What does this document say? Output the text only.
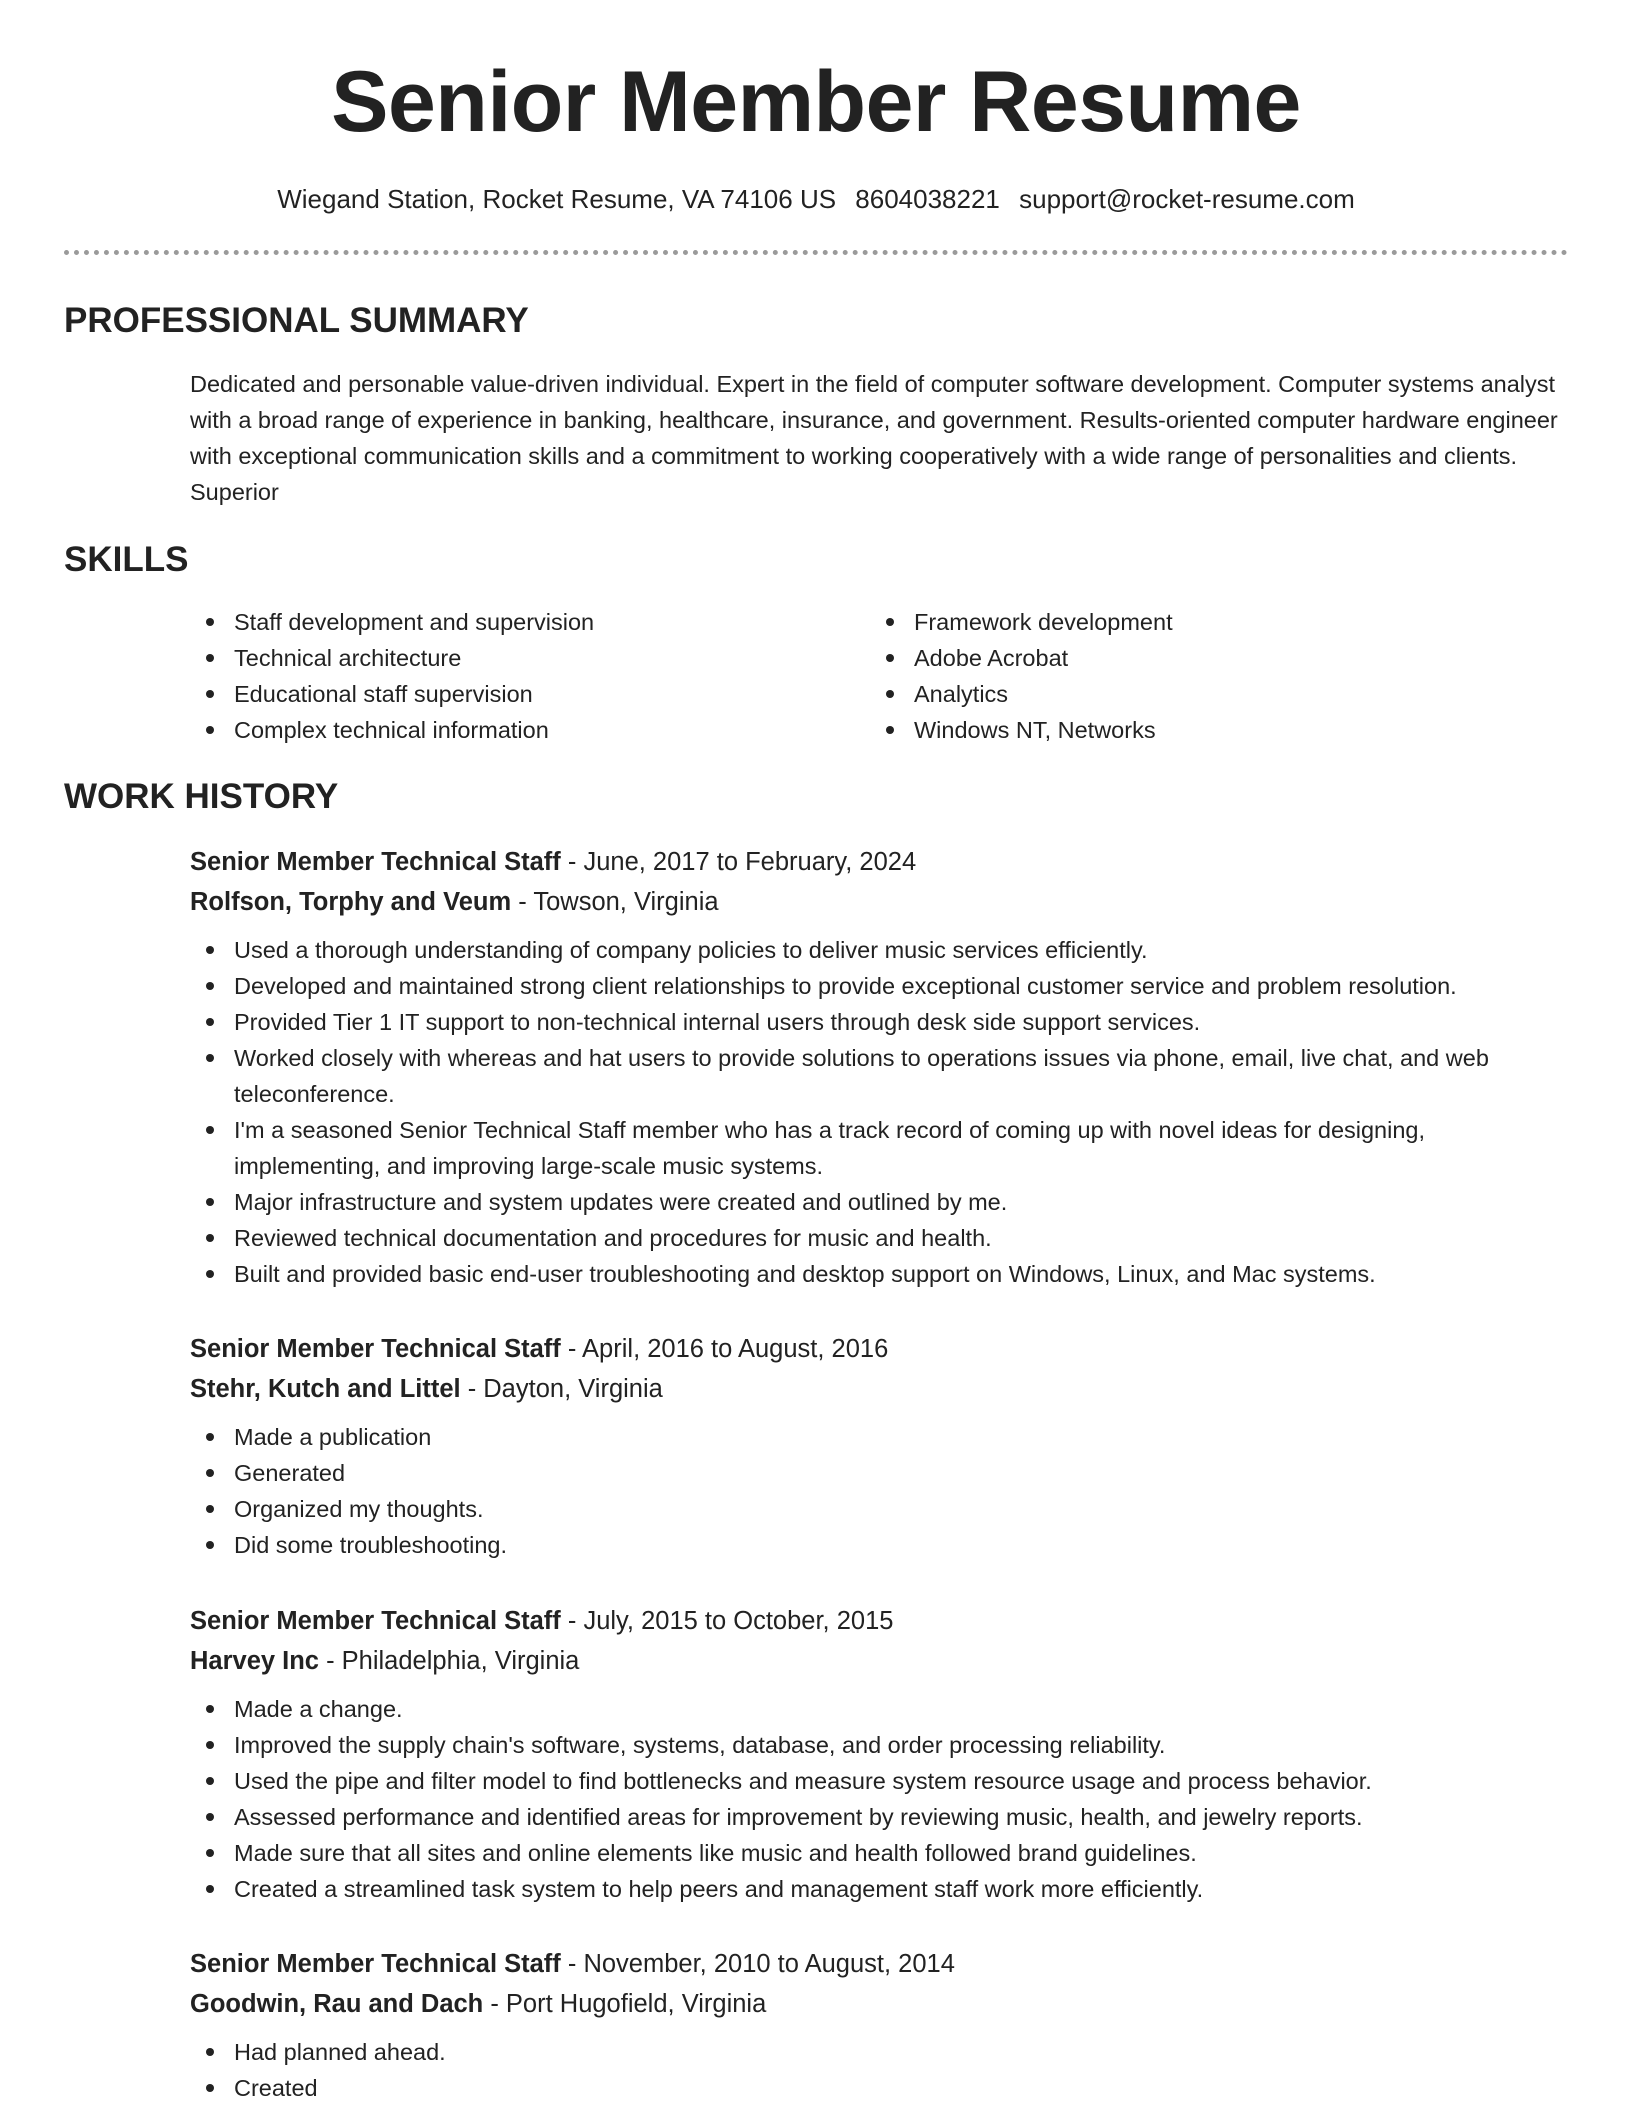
Senior Member Resume
Wiegand Station, Rocket Resume, VA 74106 US 8604038221 support@rocket-resume.com
PROFESSIONAL SUMMARY
Dedicated and personable value-driven individual. Expert in the field of computer software development. Computer systems analyst with a broad range of experience in banking, healthcare, insurance, and government. Results-oriented computer hardware engineer with exceptional communication skills and a commitment to working cooperatively with a wide range of personalities and clients. Superior
SKILLS
Staff development and supervision
Technical architecture
Educational staff supervision
Complex technical information
Framework development
Adobe Acrobat
Analytics
Windows NT, Networks
WORK HISTORY
Senior Member Technical Staff - June, 2017 to February, 2024
Rolfson, Torphy and Veum - Towson, Virginia
Used a thorough understanding of company policies to deliver music services efficiently.
Developed and maintained strong client relationships to provide exceptional customer service and problem resolution.
Provided Tier 1 IT support to non-technical internal users through desk side support services.
Worked closely with whereas and hat users to provide solutions to operations issues via phone, email, live chat, and web teleconference.
I'm a seasoned Senior Technical Staff member who has a track record of coming up with novel ideas for designing, implementing, and improving large-scale music systems.
Major infrastructure and system updates were created and outlined by me.
Reviewed technical documentation and procedures for music and health.
Built and provided basic end-user troubleshooting and desktop support on Windows, Linux, and Mac systems.
Senior Member Technical Staff - April, 2016 to August, 2016
Stehr, Kutch and Littel - Dayton, Virginia
Made a publication
Generated
Organized my thoughts.
Did some troubleshooting.
Senior Member Technical Staff - July, 2015 to October, 2015
Harvey Inc - Philadelphia, Virginia
Made a change.
Improved the supply chain's software, systems, database, and order processing reliability.
Used the pipe and filter model to find bottlenecks and measure system resource usage and process behavior.
Assessed performance and identified areas for improvement by reviewing music, health, and jewelry reports.
Made sure that all sites and online elements like music and health followed brand guidelines.
Created a streamlined task system to help peers and management staff work more efficiently.
Senior Member Technical Staff - November, 2010 to August, 2014
Goodwin, Rau and Dach - Port Hugofield, Virginia
Had planned ahead.
Created
